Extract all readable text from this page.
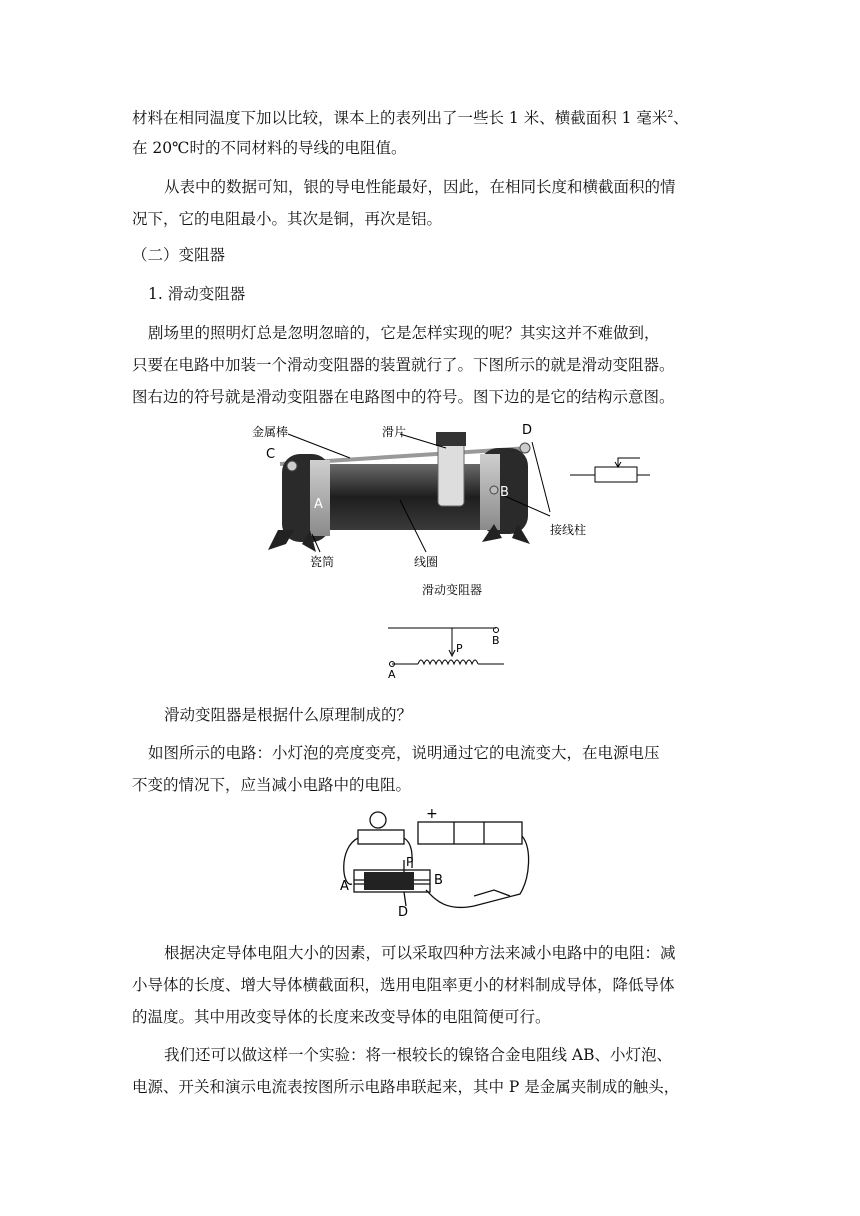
材料在相同温度下加以比较，课本上的表列出了一些长 1 米、横截面积 1 毫米$^2$、

在 20℃时的不同材料的导线的电阻值。

从表中的数据可知，银的导电性能最好，因此，在相同长度和横截面积的情

况下，它的电阻最小。其次是铜，再次是铝。

（二）变阻器

1. 滑动变阻器

剧场里的照明灯总是忽明忽暗的，它是怎样实现的呢？其实这并不难做到，

只要在电路中加装一个滑动变阻器的装置就行了。下图所示的就是滑动变阻器。

图右边的符号就是滑动变阻器在电路图中的符号。图下边的是它的结构示意图。

金属棒	滑片
C
D
A
B
接线柱
瓷筒	线圈
滑动变阻器
P
A
B

滑动变阻器是根据什么原理制成的？

如图所示的电路：小灯泡的亮度变亮，说明通过它的电流变大，在电源电压

不变的情况下，应当减小电路中的电阻。

+
P
A	B
D

根据决定导体电阻大小的因素，可以采取四种方法来减小电路中的电阻：减

小导体的长度、增大导体横截面积，选用电阻率更小的材料制成导体，降低导体

的温度。其中用改变导体的长度来改变导体的电阻简便可行。

我们还可以做这样一个实验：将一根较长的镍铬合金电阻线 AB、小灯泡、

电源、开关和演示电流表按图所示电路串联起来，其中 P 是金属夹制成的触头，
